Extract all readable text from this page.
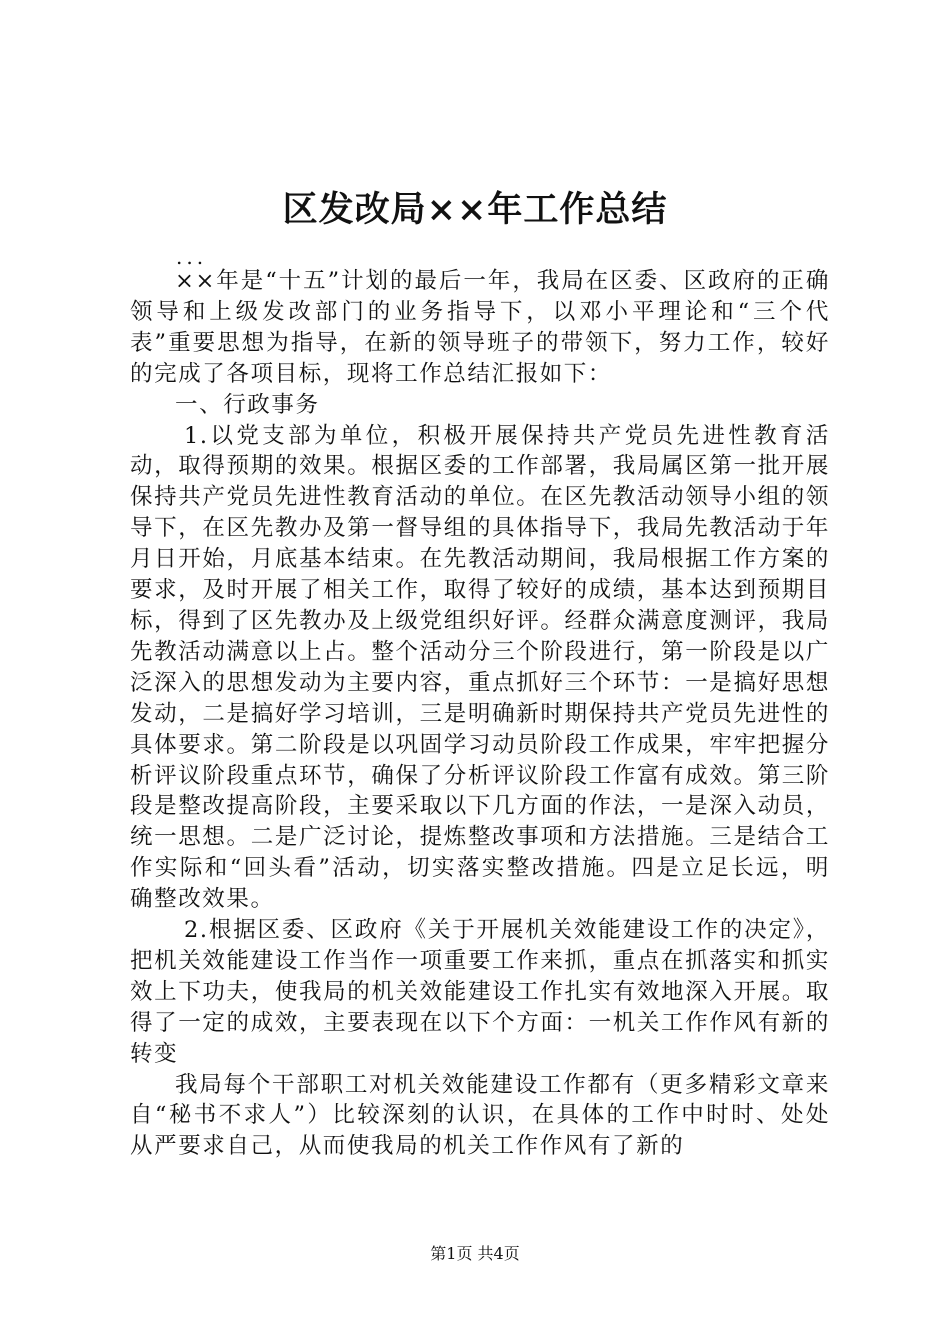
区发改局××年工作总结
...

××年是“十五”计划的最后一年，我局在区委、区政府的正确领导和上级发改部门的业务指导下，以邓小平理论和“三个代表”重要思想为指导，在新的领导班子的带领下，努力工作，较好的完成了各项目标，现将工作总结汇报如下：

一、行政事务

1.以党支部为单位，积极开展保持共产党员先进性教育活动，取得预期的效果。根据区委的工作部署，我局属区第一批开展保持共产党员先进性教育活动的单位。在区先教活动领导小组的领导下，在区先教办及第一督导组的具体指导下，我局先教活动于年月日开始，月底基本结束。在先教活动期间，我局根据工作方案的要求，及时开展了相关工作，取得了较好的成绩，基本达到预期目标，得到了区先教办及上级党组织好评。经群众满意度测评，我局先教活动满意以上占。整个活动分三个阶段进行，第一阶段是以广泛深入的思想发动为主要内容，重点抓好三个环节：一是搞好思想发动，二是搞好学习培训，三是明确新时期保持共产党员先进性的具体要求。第二阶段是以巩固学习动员阶段工作成果，牢牢把握分析评议阶段重点环节，确保了分析评议阶段工作富有成效。第三阶段是整改提高阶段，主要采取以下几方面的作法，一是深入动员，统一思想。二是广泛讨论，提炼整改事项和方法措施。三是结合工作实际和“回头看”活动，切实落实整改措施。四是立足长远，明确整改效果。

2.根据区委、区政府《关于开展机关效能建设工作的决定》，把机关效能建设工作当作一项重要工作来抓，重点在抓落实和抓实效上下功夫，使我局的机关效能建设工作扎实有效地深入开展。取得了一定的成效，主要表现在以下个方面：一机关工作作风有新的转变

我局每个干部职工对机关效能建设工作都有（更多精彩文章来自“秘书不求人”）比较深刻的认识，在具体的工作中时时、处处从严要求自己，从而使我局的机关工作作风有了新的

第1页 共4页
